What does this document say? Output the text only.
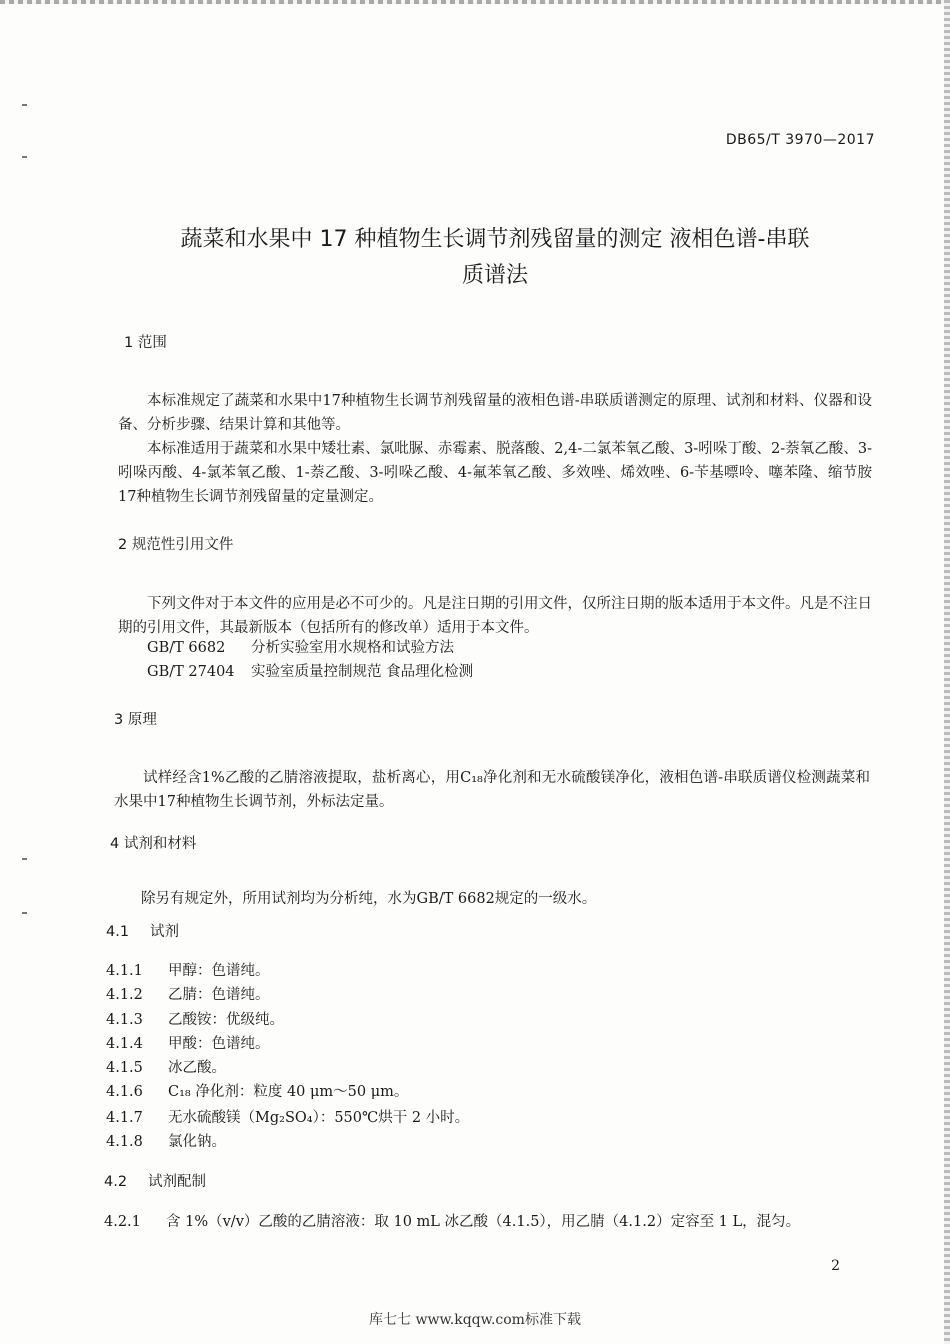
DB65/T 3970—2017
蔬菜和水果中 17 种植物生长调节剂残留量的测定 液相色谱-串联
质谱法
1 范围
本标准规定了蔬菜和水果中17种植物生长调节剂残留量的液相色谱-串联质谱测定的原理、试剂和材料、仪器和设备、分析步骤、结果计算和其他等。
本标准适用于蔬菜和水果中矮壮素、氯吡脲、赤霉素、脱落酸、2,4-二氯苯氧乙酸、3-吲哚丁酸、2-萘氧乙酸、3-吲哚丙酸、4-氯苯氧乙酸、1-萘乙酸、3-吲哚乙酸、4-氟苯氧乙酸、多效唑、烯效唑、6-苄基嘌呤、噻苯隆、缩节胺17种植物生长调节剂残留量的定量测定。
2 规范性引用文件
下列文件对于本文件的应用是必不可少的。凡是注日期的引用文件，仅所注日期的版本适用于本文件。凡是不注日期的引用文件，其最新版本（包括所有的修改单）适用于本文件。
GB/T 6682 分析实验室用水规格和试验方法
GB/T 27404 实验室质量控制规范 食品理化检测
3 原理
试样经含1%乙酸的乙腈溶液提取，盐析离心，用C₁₈净化剂和无水硫酸镁净化，液相色谱-串联质谱仪检测蔬菜和水果中17种植物生长调节剂，外标法定量。
4 试剂和材料
除另有规定外，所用试剂均为分析纯，水为GB/T 6682规定的一级水。
4.1 试剂
4.1.1 甲醇：色谱纯。
4.1.2 乙腈：色谱纯。
4.1.3 乙酸铵：优级纯。
4.1.4 甲酸：色谱纯。
4.1.5 冰乙酸。
4.1.6 C₁₈ 净化剂：粒度 40 μm～50 μm。
4.1.7 无水硫酸镁（Mg₂SO₄）：550℃烘干 2 小时。
4.1.8 氯化钠。
4.2 试剂配制
4.2.1 含 1%（v/v）乙酸的乙腈溶液：取 10 mL 冰乙酸（4.1.5），用乙腈（4.1.2）定容至 1 L，混匀。
2
库七七 www.kqqw.com标准下载
